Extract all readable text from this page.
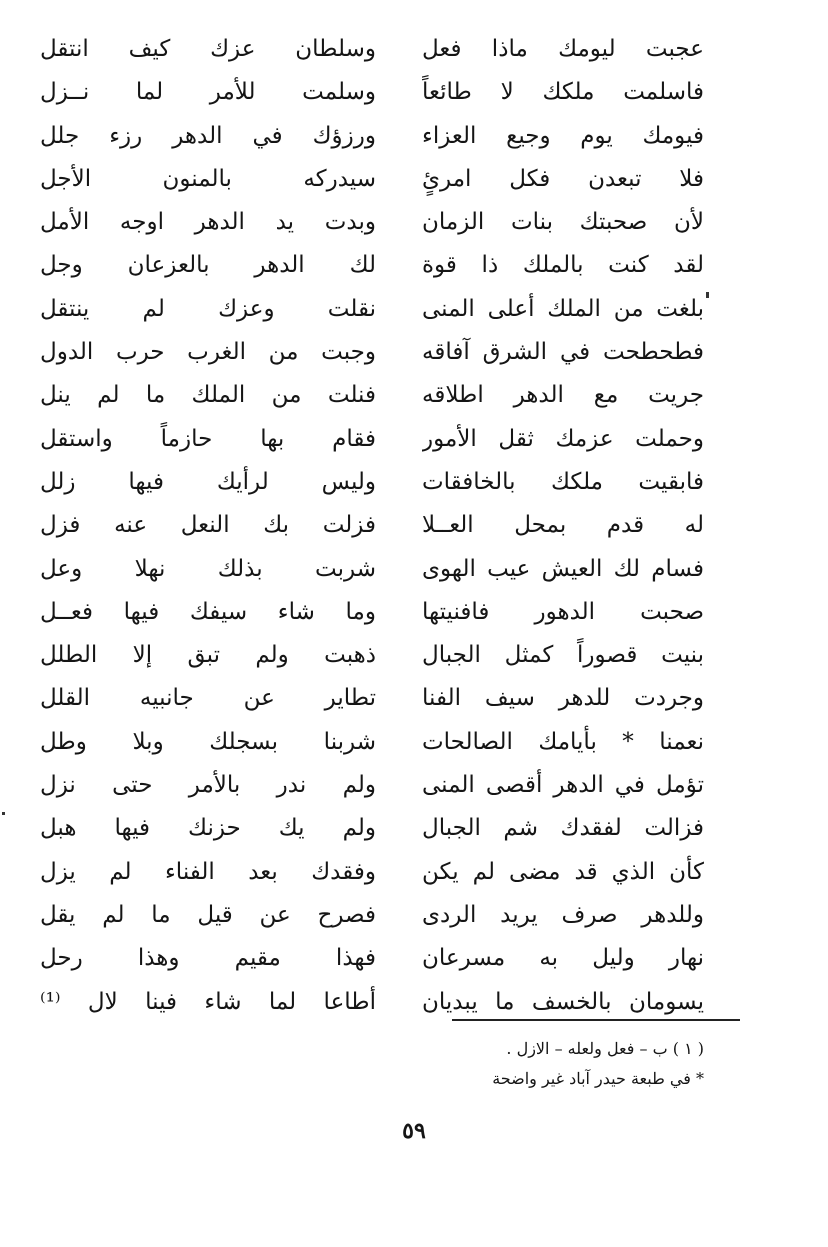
عجبت ليومك ماذا فعل
فاسلمت ملكك لا طائعاً
فيومك يوم وجيع العزاء
فلا تبعدن فكل امرئٍ
لأن صحبتك بنات الزمان
لقد كنت بالملك ذا قوة
بلغت من الملك أعلى المنى
فطحطحت في الشرق آفاقه
جريت مع الدهر اطلاقه
وحملت عزمك ثقل الأمور
فابقيت ملكك بالخافقات
له قدم بمحل العــلا
فسام لك العيش عيب الهوى
صحبت الدهور فافنيتها
بنيت قصوراً كمثل الجبال
وجردت للدهر سيف الفنا
نعمنا * بأيامك الصالحات
تؤمل في الدهر أقصى المنى
فزالت لفقدك شم الجبال
كأن الذي قد مضى لم يكن
وللدهر صرف يريد الردى
نهار وليل به مسرعان
يسومان بالخسف ما يبديان
وسلطان عزك كيف انتقل
وسلمت للأمر لما نــزل
ورزؤك في الدهر رزء جلل
سيدركه بالمنون الأجل
وبدت يد الدهر اوجه الأمل
لك الدهر بالعزعان وجل
نقلت وعزك لم ينتقل
وجبت من الغرب حرب الدول
فنلت من الملك ما لم ينل
فقام بها حازماً واستقل
وليس لرأيك فيها زلل
فزلت بك النعل عنه فزل
شربت بذلك نهلا وعل
وما شاء سيفك فيها فعــل
ذهبت ولم تبق إلا الطلل
تطاير عن جانبيه القلل
شربنا بسجلك وبلا وطل
ولم ندر بالأمر حتى نزل
ولم يك حزنك فيها هبل
وفقدك بعد الفناء لم يزل
فصرح عن قيل ما لم يقل
فهذا مقيم وهذا رحل
أطاعا لما شاء فينا لال ⁽¹⁾
( ١ ) ب – فعل ولعله – الازل .
* في طبعة حيدر آباد غير واضحة
٥٩
